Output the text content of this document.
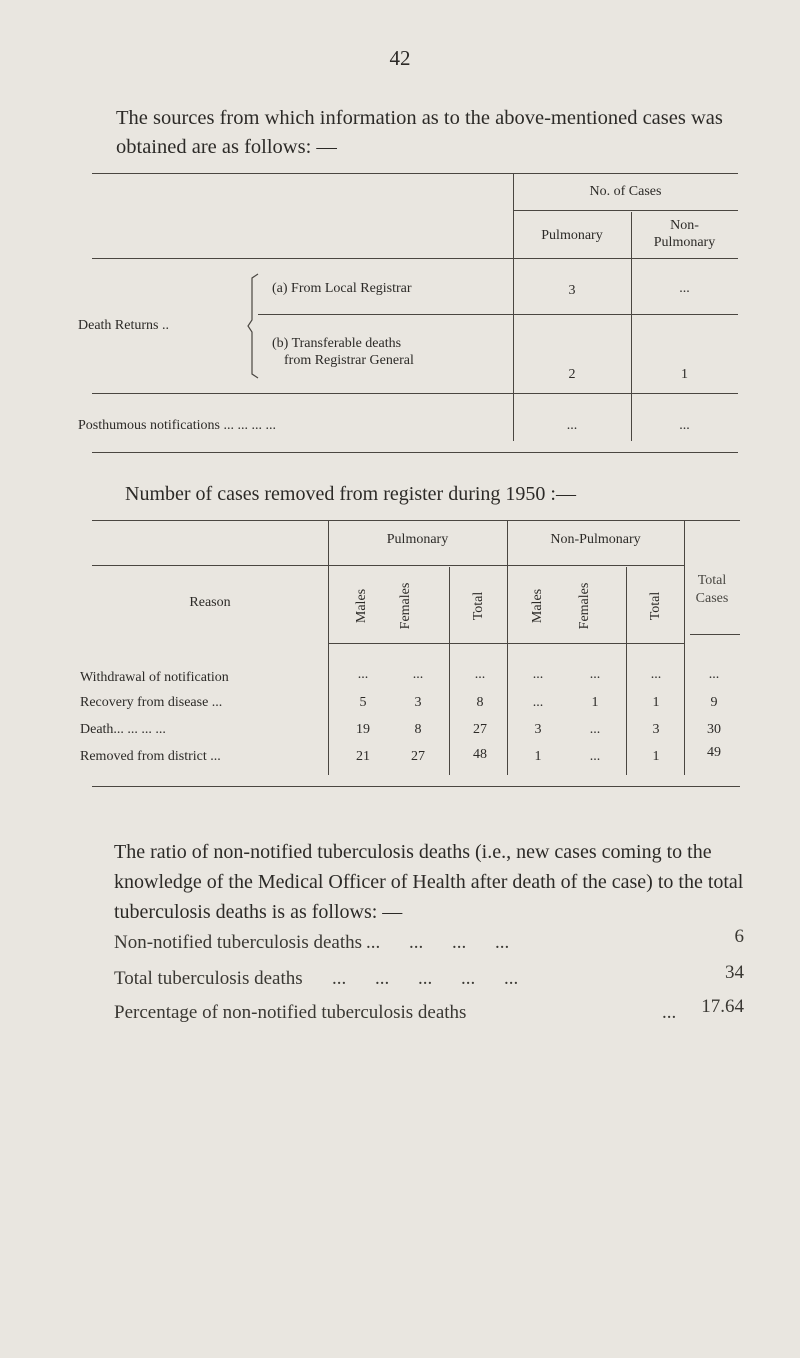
42
The sources from which information as to the above-mentioned cases was obtained are as follows: —
No. of Cases
Pulmonary
Non-
Pulmonary
Death Returns ..
(a) From Local Registrar	3	...
(b) Transferable deaths
from Registrar General
2	1
Posthumous notifications ... ... ... ...	...	...
Number of cases removed from register during 1950 :—
Pulmonary	Non-Pulmonary
Total
Cases
Reason	Males Females	Total	Males Females	Total
Withdrawal of notification	...	...	...	...	...	...	...
Recovery from disease ...	5	3	8	...	1	1	9
Death... ... ... ...	19	8	27	3	...	3	30
Removed from district ...	21	27	48	1	...	1	49
The ratio of non-notified tuberculosis deaths (i.e., new cases coming to the knowledge of the Medical Officer of Health after death of the case) to the total tuberculosis deaths is as follows: —
Non-notified tuberculosis deaths ... ... ... ...	6
Total tuberculosis deaths ... ... ... ... ...	34
Percentage of non-notified tuberculosis deaths	... 17.64
